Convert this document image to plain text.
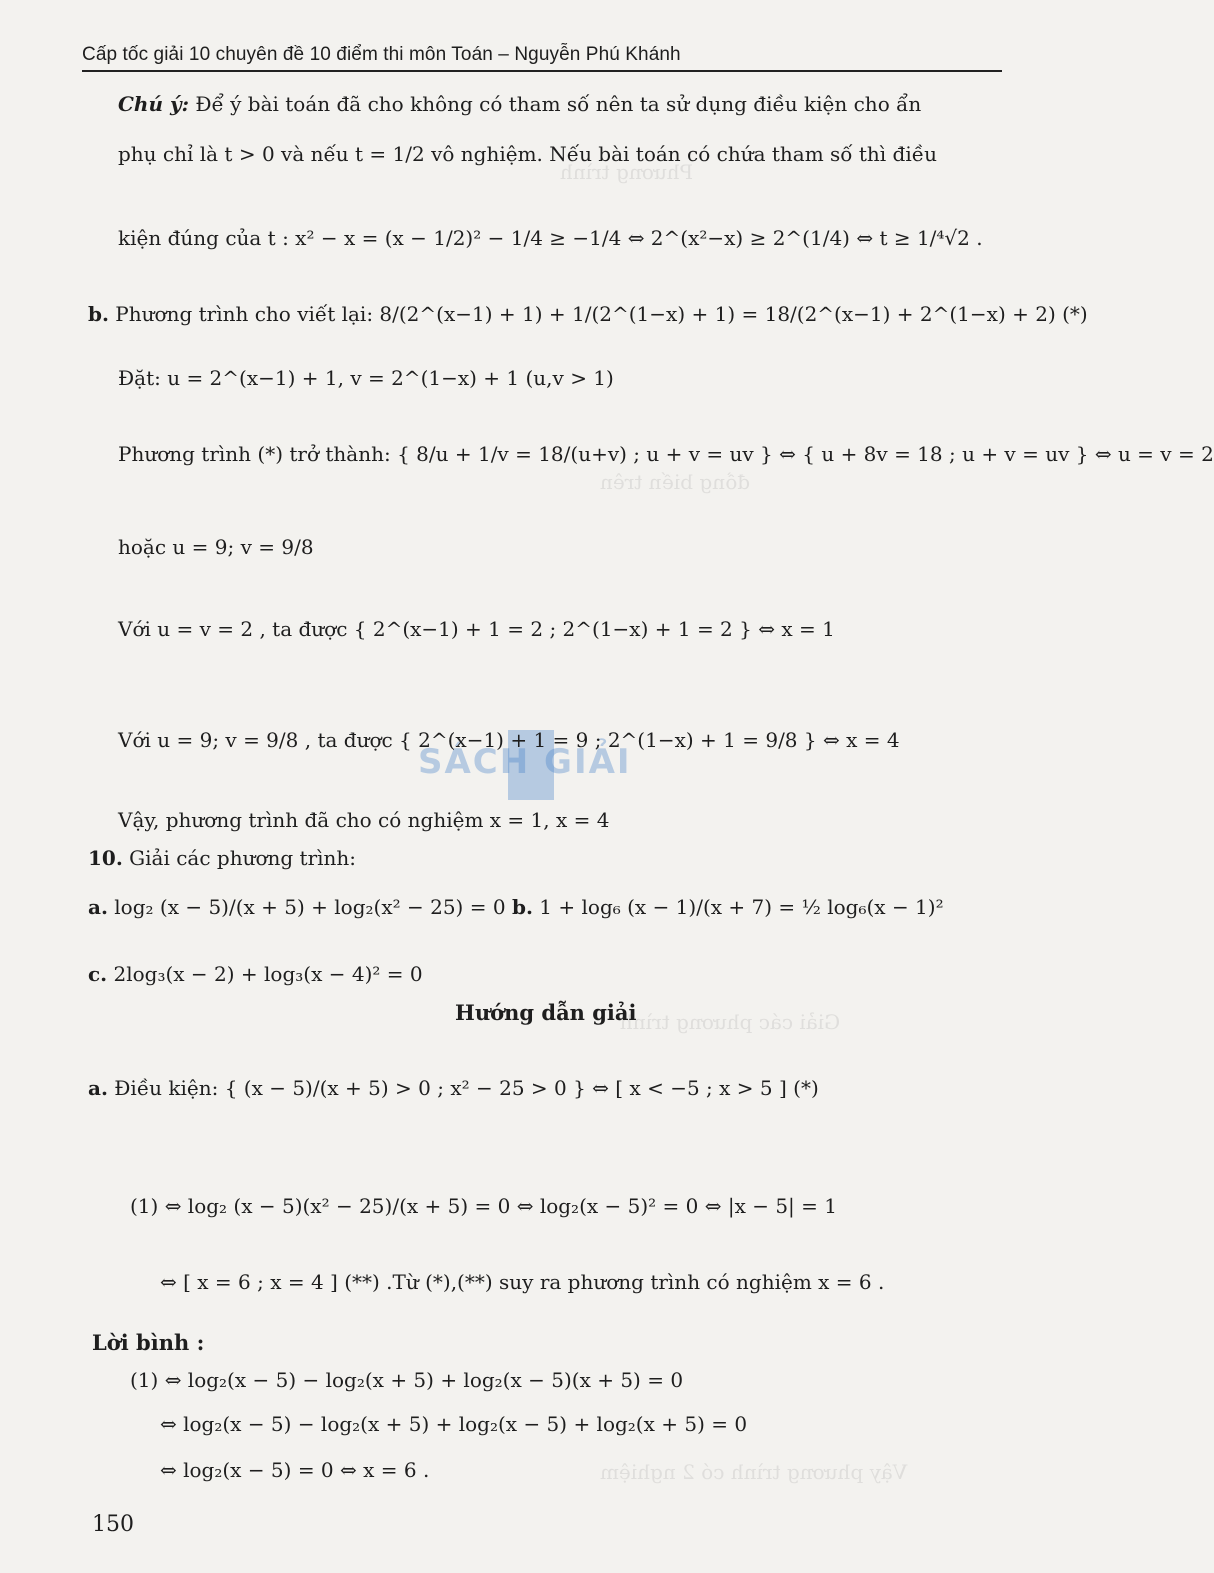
Phương trình
đồng biến trên
Giải các phương trình
Vậy phương trình có 2 nghiệm
Cấp tốc giải 10 chuyên đề 10 điểm thi môn Toán – Nguyễn Phú Khánh
SÁCH GIẢI
Chú ý: Để ý bài toán đã cho không có tham số nên ta sử dụng điều kiện cho ẩn
phụ chỉ là t > 0 và nếu t = 1/2 vô nghiệm. Nếu bài toán có chứa tham số thì điều
kiện đúng của t : x² − x = (x − 1/2)² − 1/4 ≥ −1/4 ⇔ 2^(x²−x) ≥ 2^(1/4) ⇔ t ≥ 1/⁴√2 .
b. Phương trình cho viết lại: 8/(2^(x−1) + 1) + 1/(2^(1−x) + 1) = 18/(2^(x−1) + 2^(1−x) + 2) (*)
Đặt: u = 2^(x−1) + 1, v = 2^(1−x) + 1 (u,v > 1)
Phương trình (*) trở thành: { 8/u + 1/v = 18/(u+v) ; u + v = uv } ⇔ { u + 8v = 18 ; u + v = uv } ⇔ u = v = 2
hoặc u = 9; v = 9/8
Với u = v = 2 , ta được { 2^(x−1) + 1 = 2 ; 2^(1−x) + 1 = 2 } ⇔ x = 1
Với u = 9; v = 9/8 , ta được { 2^(x−1) + 1 = 9 ; 2^(1−x) + 1 = 9/8 } ⇔ x = 4
Vậy, phương trình đã cho có nghiệm x = 1, x = 4
10. Giải các phương trình:
a. log₂ (x − 5)/(x + 5) + log₂(x² − 25) = 0 b. 1 + log₆ (x − 1)/(x + 7) = ½ log₆(x − 1)²
c. 2log₃(x − 2) + log₃(x − 4)² = 0
Hướng dẫn giải
a. Điều kiện: { (x − 5)/(x + 5) > 0 ; x² − 25 > 0 } ⇔ [ x < −5 ; x > 5 ] (*)
(1) ⇔ log₂ (x − 5)(x² − 25)/(x + 5) = 0 ⇔ log₂(x − 5)² = 0 ⇔ |x − 5| = 1
⇔ [ x = 6 ; x = 4 ] (**) .Từ (*),(**) suy ra phương trình có nghiệm x = 6 .
Lời bình :
(1) ⇔ log₂(x − 5) − log₂(x + 5) + log₂(x − 5)(x + 5) = 0
⇔ log₂(x − 5) − log₂(x + 5) + log₂(x − 5) + log₂(x + 5) = 0
⇔ log₂(x − 5) = 0 ⇔ x = 6 .
150
